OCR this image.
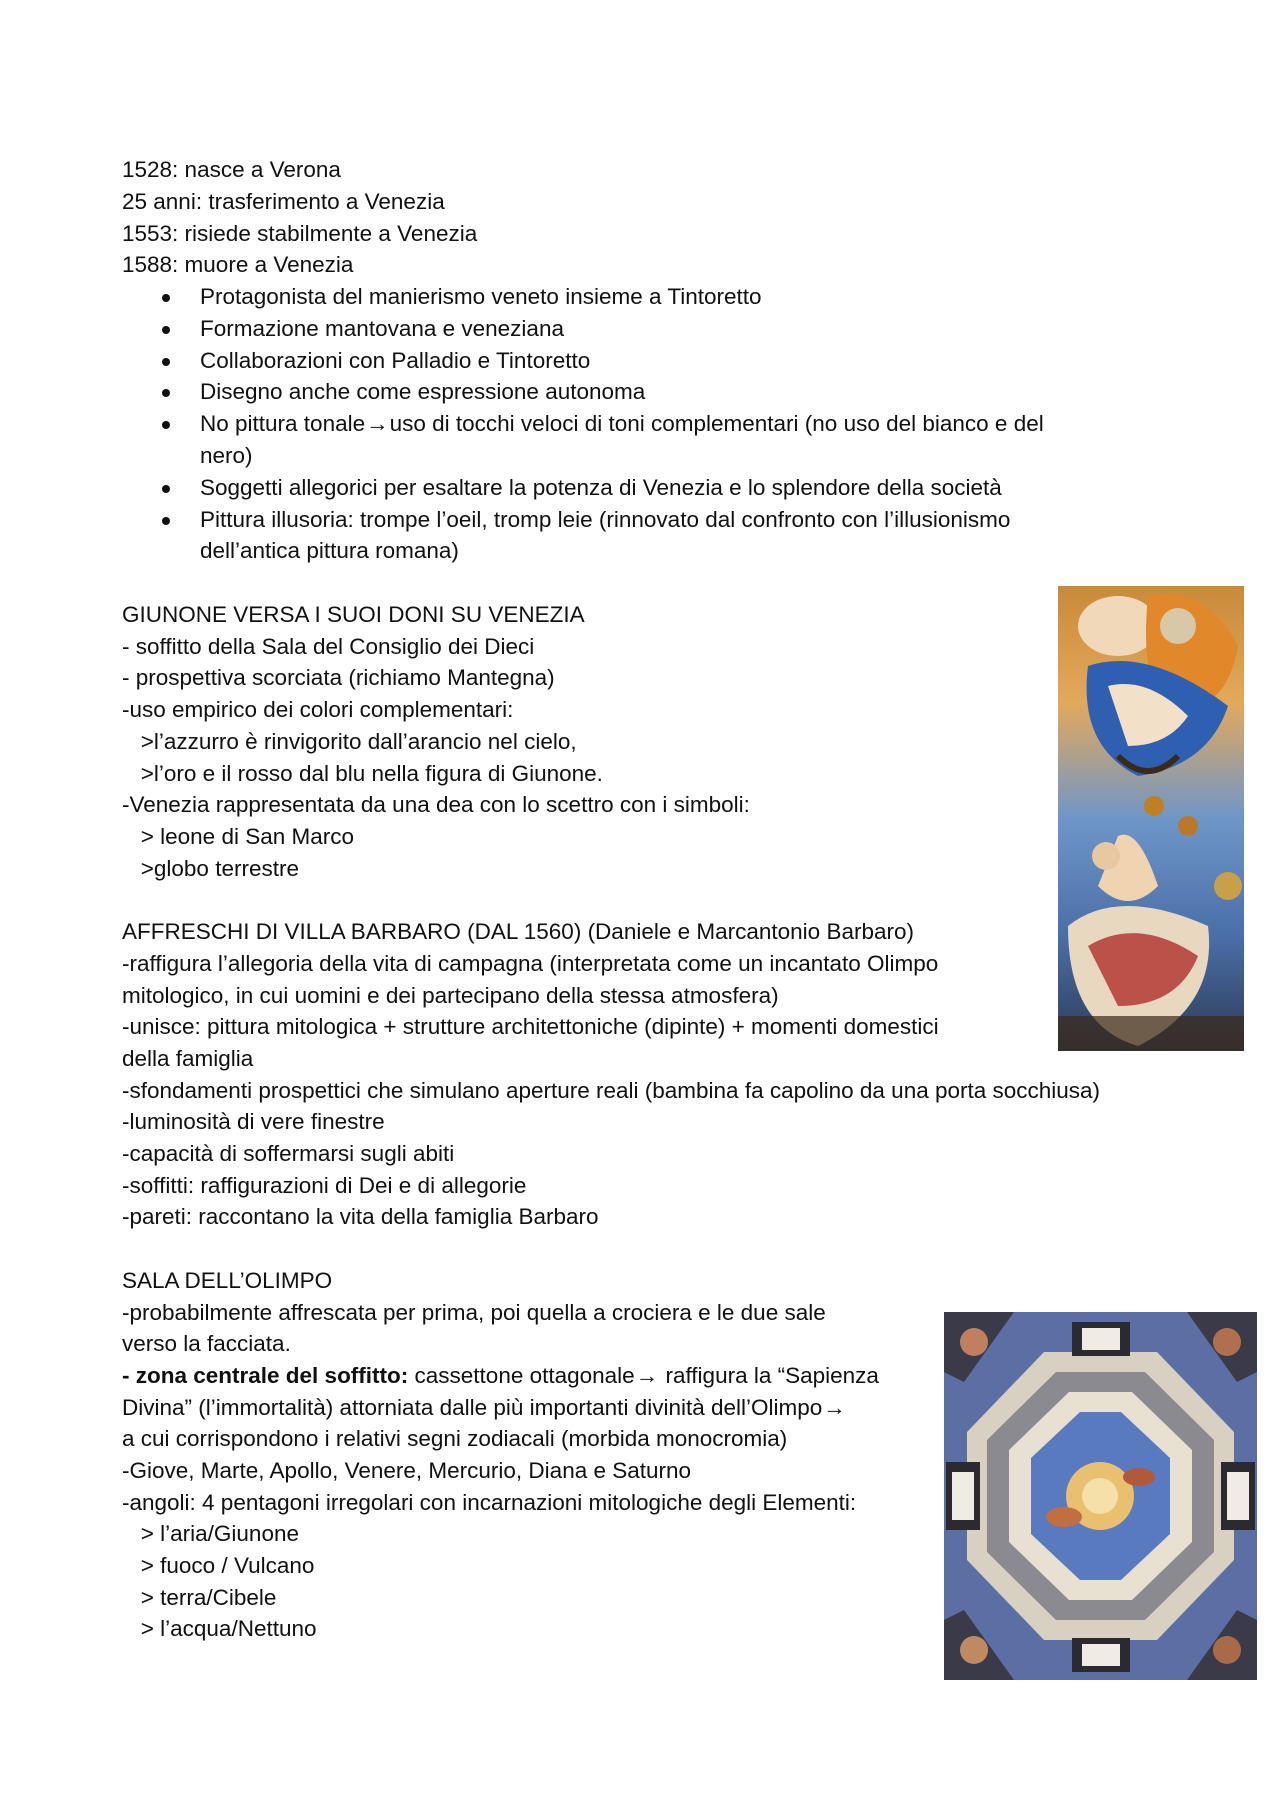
1528: nasce a Verona
25 anni: trasferimento a Venezia
1553: risiede stabilmente a Venezia
1588: muore a Venezia
Protagonista del manierismo veneto insieme a Tintoretto
Formazione mantovana e veneziana
Collaborazioni con Palladio e Tintoretto
Disegno anche come espressione autonoma
No pittura tonale→uso di tocchi veloci di toni complementari (no uso del bianco e del
nero)
Soggetti allegorici per esaltare la potenza di Venezia e lo splendore della società
Pittura illusoria: trompe l’oeil, tromp leie (rinnovato dal confronto con l’illusionismo
dell’antica pittura romana)
GIUNONE VERSA I SUOI DONI SU VENEZIA
- soffitto della Sala del Consiglio dei Dieci
- prospettiva scorciata (richiamo Mantegna)
-uso empirico dei colori complementari:
>l’azzurro è rinvigorito dall’arancio nel cielo,
>l’oro e il rosso dal blu nella figura di Giunone.
-Venezia rappresentata da una dea con lo scettro con i simboli:
> leone di San Marco
>globo terrestre
AFFRESCHI DI VILLA BARBARO (DAL 1560) (Daniele e Marcantonio Barbaro)
-raffigura l’allegoria della vita di campagna (interpretata come un incantato Olimpo
mitologico, in cui uomini e dei partecipano della stessa atmosfera)
-unisce: pittura mitologica + strutture architettoniche (dipinte) + momenti domestici
della famiglia
-sfondamenti prospettici che simulano aperture reali (bambina fa capolino da una porta socchiusa)
-luminosità di vere finestre
-capacità di soffermarsi sugli abiti
-soffitti: raffigurazioni di Dei e di allegorie
-pareti: raccontano la vita della famiglia Barbaro
SALA DELL’OLIMPO
-probabilmente affrescata per prima, poi quella a crociera e le due sale
verso la facciata.
- zona centrale del soffitto: cassettone ottagonale→ raffigura la “Sapienza
Divina” (l’immortalità) attorniata dalle più importanti divinità dell’Olimpo→
a cui corrispondono i relativi segni zodiacali (morbida monocromia)
-Giove, Marte, Apollo, Venere, Mercurio, Diana e Saturno
-angoli: 4 pentagoni irregolari con incarnazioni mitologiche degli Elementi:
> l’aria/Giunone
> fuoco / Vulcano
> terra/Cibele
> l’acqua/Nettuno
